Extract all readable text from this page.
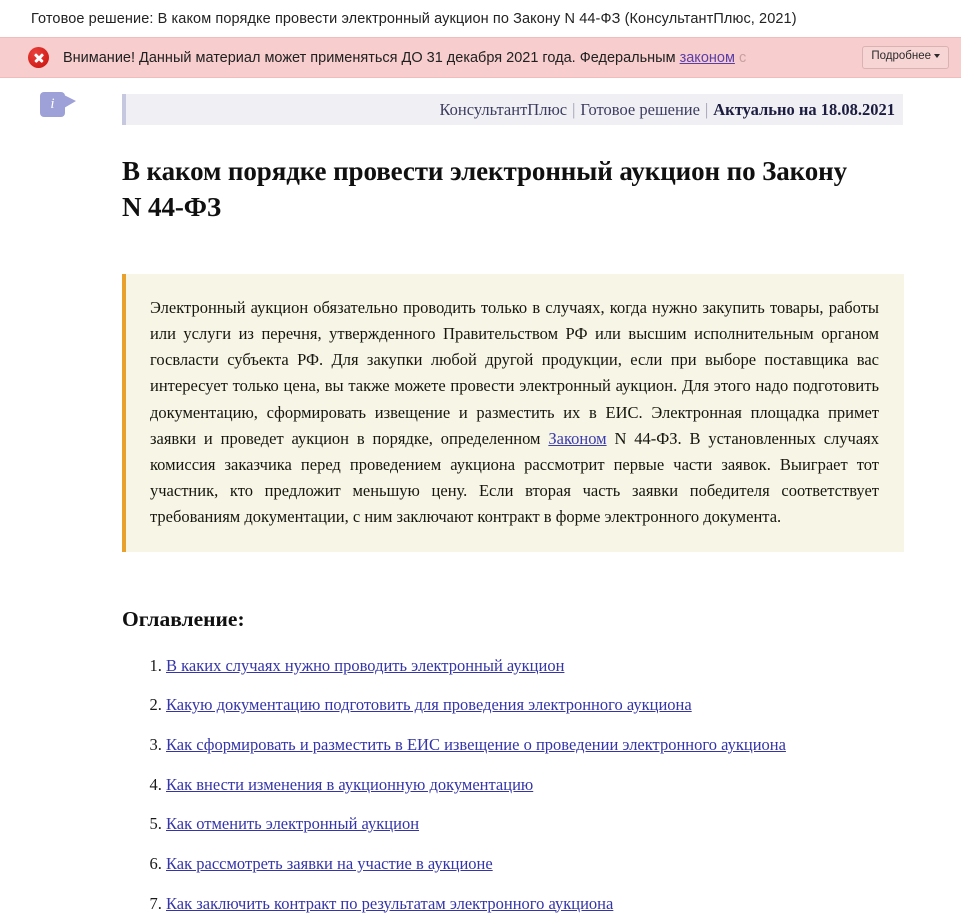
Готовое решение: В каком порядке провести электронный аукцион по Закону N 44-ФЗ (КонсультантПлюс, 2021)
Внимание! Данный материал может применяться ДО 31 декабря 2021 года. Федеральным законом с	Подробнее
i	КонсультантПлюс | Готовое решение | Актуально на 18.08.2021
В каком порядке провести электронный аукцион по Закону N 44-ФЗ

Электронный аукцион обязательно проводить только в случаях, когда нужно закупить товары, работы или услуги из перечня, утвержденного Правительством РФ или высшим исполнительным органом госвласти субъекта РФ. Для закупки любой другой продукции, если при выборе поставщика вас интересует только цена, вы также можете провести электронный аукцион. Для этого надо подготовить документацию, сформировать извещение и разместить их в ЕИС. Электронная площадка примет заявки и проведет аукцион в порядке, определенном Законом N 44-ФЗ. В установленных случаях комиссия заказчика перед проведением аукциона рассмотрит первые части заявок. Выиграет тот участник, кто предложит меньшую цену. Если вторая часть заявки победителя соответствует требованиям документации, с ним заключают контракт в форме электронного документа.

Оглавление:
1. В каких случаях нужно проводить электронный аукцион
2. Какую документацию подготовить для проведения электронного аукциона
3. Как сформировать и разместить в ЕИС извещение о проведении электронного аукциона
4. Как внести изменения в аукционную документацию
5. Как отменить электронный аукцион
6. Как рассмотреть заявки на участие в аукционе
7. Как заключить контракт по результатам электронного аукциона
